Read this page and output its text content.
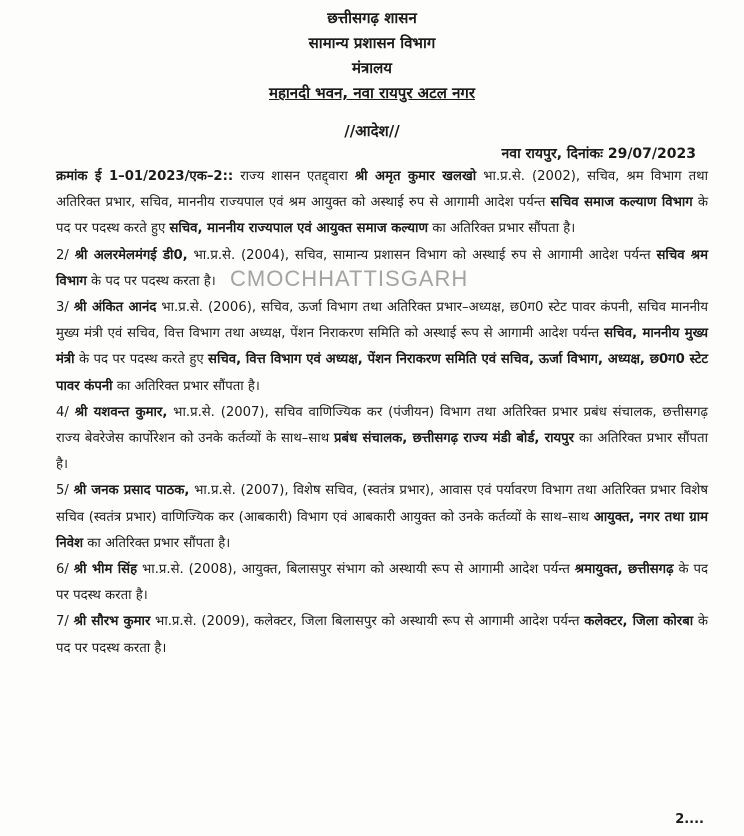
छत्तीसगढ़ शासन
सामान्य प्रशासन विभाग
मंत्रालय
महानदी भवन, नवा रायपुर अटल नगर
//आदेश//
नवा रायपुर, दिनांकः 29/07/2023

क्रमांक ई 1–01/2023/एक–2:: राज्य शासन एतद्द्वारा श्री अमृत कुमार खलखो भा.प्र.से. (2002), सचिव, श्रम विभाग तथा अतिरिक्त प्रभार, सचिव, माननीय राज्यपाल एवं श्रम आयुक्त को अस्थाई रुप से आगामी आदेश पर्यन्त सचिव समाज कल्याण विभाग के पद पर पदस्थ करते हुए सचिव, माननीय राज्यपाल एवं आयुक्त समाज कल्याण का अतिरिक्त प्रभार सौंपता है।

2/ श्री अलरमेलमंगई डी0, भा.प्र.से. (2004), सचिव, सामान्य प्रशासन विभाग को अस्थाई रुप से आगामी आदेश पर्यन्त सचिव श्रम विभाग के पद पर पदस्थ करता है।

3/ श्री अंकित आनंद भा.प्र.से. (2006), सचिव, ऊर्जा विभाग तथा अतिरिक्त प्रभार–अध्यक्ष, छ0ग0 स्टेट पावर कंपनी, सचिव माननीय मुख्य मंत्री एवं सचिव, वित्त विभाग तथा अध्यक्ष, पेंशन निराकरण समिति को अस्थाई रूप से आगामी आदेश पर्यन्त सचिव, माननीय मुख्य मंत्री के पद पर पदस्थ करते हुए सचिव, वित्त विभाग एवं अध्यक्ष, पेंशन निराकरण समिति एवं सचिव, ऊर्जा विभाग, अध्यक्ष, छ0ग0 स्टेट पावर कंपनी का अतिरिक्त प्रभार सौंपता है।

4/ श्री यशवन्त कुमार, भा.प्र.से. (2007), सचिव वाणिज्यिक कर (पंजीयन) विभाग तथा अतिरिक्त प्रभार प्रबंध संचालक, छत्तीसगढ़ राज्य बेवरेजेस कार्पोरेशन को उनके कर्तव्यों के साथ–साथ प्रबंध संचालक, छत्तीसगढ़ राज्य मंडी बोर्ड, रायपुर का अतिरिक्त प्रभार सौंपता है।

5/ श्री जनक प्रसाद पाठक, भा.प्र.से. (2007), विशेष सचिव, (स्वतंत्र प्रभार), आवास एवं पर्यावरण विभाग तथा अतिरिक्त प्रभार विशेष सचिव (स्वतंत्र प्रभार) वाणिज्यिक कर (आबकारी) विभाग एवं आबकारी आयुक्त को उनके कर्तव्यों के साथ–साथ आयुक्त, नगर तथा ग्राम निवेश का अतिरिक्त प्रभार सौंपता है।

6/ श्री भीम सिंह भा.प्र.से. (2008), आयुक्त, बिलासपुर संभाग को अस्थायी रूप से आगामी आदेश पर्यन्त श्रमायुक्त, छत्तीसगढ़ के पद पर पदस्थ करता है।

7/ श्री सौरभ कुमार भा.प्र.से. (2009), कलेक्टर, जिला बिलासपुर को अस्थायी रूप से आगामी आदेश पर्यन्त कलेक्टर, जिला कोरबा के पद पर पदस्थ करता है।

CMOCHHATTISGARH
2....
